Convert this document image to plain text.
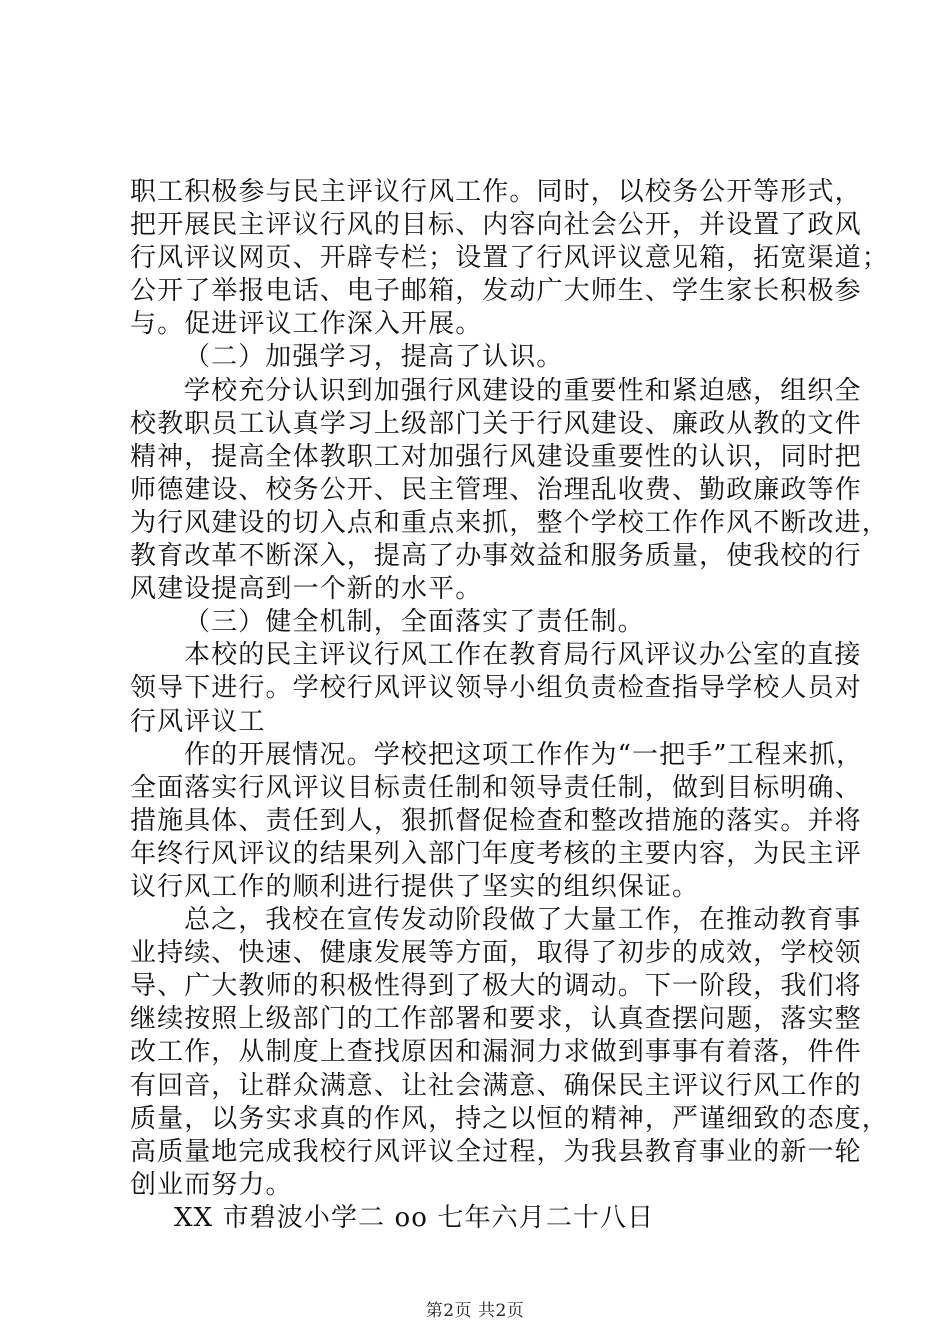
职工积极参与民主评议行风工作。同时，以校务公开等形式，
把开展民主评议行风的目标、内容向社会公开，并设置了政风
行风评议网页、开辟专栏；设置了行风评议意见箱，拓宽渠道；
公开了举报电话、电子邮箱，发动广大师生、学生家长积极参
与。促进评议工作深入开展。
（二）加强学习，提高了认识。
学校充分认识到加强行风建设的重要性和紧迫感，组织全
校教职员工认真学习上级部门关于行风建设、廉政从教的文件
精神，提高全体教职工对加强行风建设重要性的认识，同时把
师德建设、校务公开、民主管理、治理乱收费、勤政廉政等作
为行风建设的切入点和重点来抓，整个学校工作作风不断改进，
教育改革不断深入，提高了办事效益和服务质量，使我校的行
风建设提高到一个新的水平。
（三）健全机制，全面落实了责任制。
本校的民主评议行风工作在教育局行风评议办公室的直接
领导下进行。学校行风评议领导小组负责检查指导学校人员对
行风评议工
作的开展情况。学校把这项工作作为“一把手”工程来抓，
全面落实行风评议目标责任制和领导责任制，做到目标明确、
措施具体、责任到人，狠抓督促检查和整改措施的落实。并将
年终行风评议的结果列入部门年度考核的主要内容，为民主评
议行风工作的顺利进行提供了坚实的组织保证。
总之，我校在宣传发动阶段做了大量工作，在推动教育事
业持续、快速、健康发展等方面，取得了初步的成效，学校领
导、广大教师的积极性得到了极大的调动。下一阶段，我们将
继续按照上级部门的工作部署和要求，认真查摆问题，落实整
改工作，从制度上查找原因和漏洞力求做到事事有着落，件件
有回音，让群众满意、让社会满意、确保民主评议行风工作的
质量，以务实求真的作风，持之以恒的精神，严谨细致的态度，
高质量地完成我校行风评议全过程，为我县教育事业的新一轮
创业而努力。
XX 市碧波小学二 oo 七年六月二十八日
第2页 共2页
